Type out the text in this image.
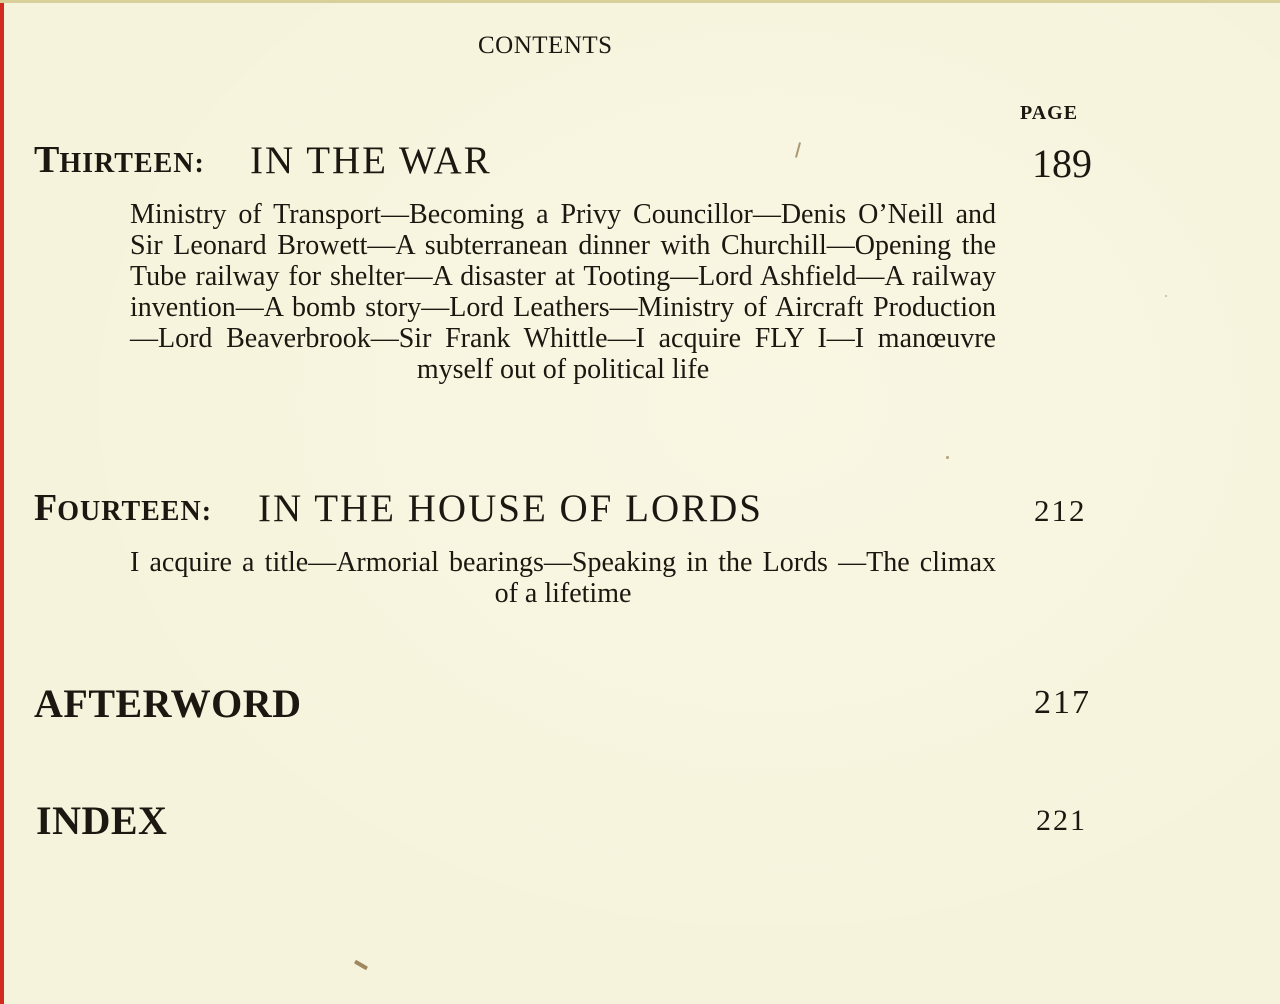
CONTENTS
PAGE
THIRTEEN: IN THE WAR	189
Ministry of Transport—Becoming a Privy Councillor—Denis O’Neill and Sir Leonard Browett—A subterranean dinner with Churchill—Opening the Tube railway for shelter—A disaster at Tooting—Lord Ashfield—A railway invention—A bomb story—Lord Leathers—Ministry of Aircraft Production—Lord Beaverbrook—Sir Frank Whittle—I acquire FLY I—I manœuvre myself out of political life
FOURTEEN: IN THE HOUSE OF LORDS	212
I acquire a title—Armorial bearings—Speaking in the Lords —The climax of a lifetime
AFTERWORD	217
INDEX	221
